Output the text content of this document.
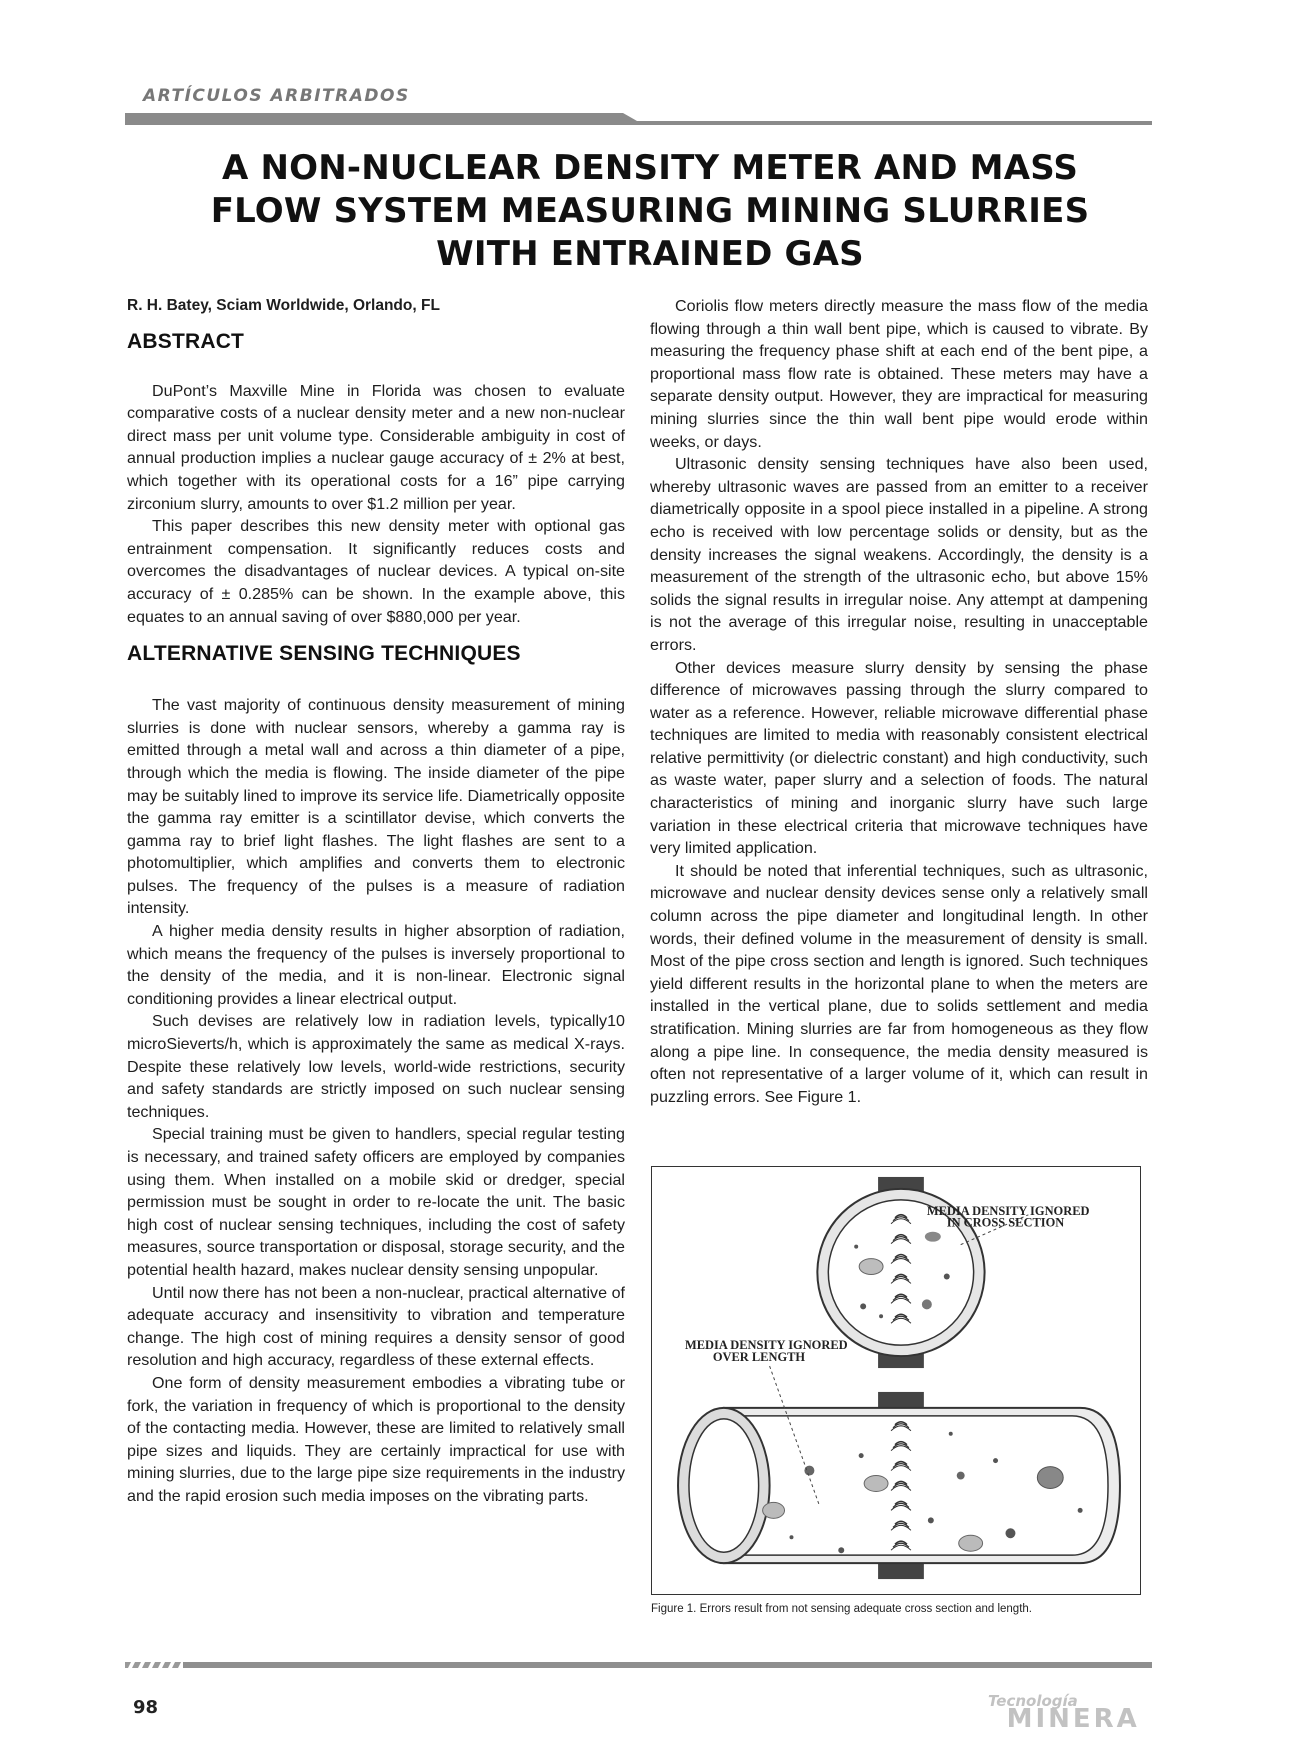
ARTÍCULOS ARBITRADOS
A NON-NUCLEAR DENSITY METER AND MASS FLOW SYSTEM MEASURING MINING SLURRIES WITH ENTRAINED GAS
R. H. Batey, Sciam Worldwide, Orlando, FL
ABSTRACT

DuPont’s Maxville Mine in Florida was chosen to evaluate comparative costs of a nuclear density meter and a new non-nuclear direct mass per unit volume type. Considerable ambiguity in cost of annual production implies a nuclear gauge accuracy of ± 2% at best, which together with its operational costs for a 16” pipe carrying zirconium slurry, amounts to over $1.2 million per year.

This paper describes this new density meter with optional gas entrainment compensation. It significantly reduces costs and overcomes the disadvantages of nuclear devices. A typical on-site accuracy of ± 0.285% can be shown. In the example above, this equates to an annual saving of over $880,000 per year.

ALTERNATIVE SENSING TECHNIQUES

The vast majority of continuous density measurement of mining slurries is done with nuclear sensors, whereby a gamma ray is emitted through a metal wall and across a thin diameter of a pipe, through which the media is flowing. The inside diameter of the pipe may be suitably lined to improve its service life. Diametrically opposite the gamma ray emitter is a scintillator devise, which converts the gamma ray to brief light flashes. The light flashes are sent to a photomultiplier, which amplifies and converts them to electronic pulses. The frequency of the pulses is a measure of radiation intensity.

A higher media density results in higher absorption of radiation, which means the frequency of the pulses is inversely proportional to the density of the media, and it is non-linear. Electronic signal conditioning provides a linear electrical output.

Such devises are relatively low in radiation levels, typically10 microSieverts/h, which is approximately the same as medical X-rays. Despite these relatively low levels, world-wide restrictions, security and safety standards are strictly imposed on such nuclear sensing techniques.

Special training must be given to handlers, special regular testing is necessary, and trained safety officers are employed by companies using them. When installed on a mobile skid or dredger, special permission must be sought in order to re-locate the unit. The basic high cost of nuclear sensing techniques, including the cost of safety measures, source transportation or disposal, storage security, and the potential health hazard, makes nuclear density sensing unpopular.

Until now there has not been a non-nuclear, practical alternative of adequate accuracy and insensitivity to vibration and temperature change. The high cost of mining requires a density sensor of good resolution and high accuracy, regardless of these external effects.

One form of density measurement embodies a vibrating tube or fork, the variation in frequency of which is proportional to the density of the contacting media. However, these are limited to relatively small pipe sizes and liquids. They are certainly impractical for use with mining slurries, due to the large pipe size requirements in the industry and the rapid erosion such media imposes on the vibrating parts.

Coriolis flow meters directly measure the mass flow of the media flowing through a thin wall bent pipe, which is caused to vibrate. By measuring the frequency phase shift at each end of the bent pipe, a proportional mass flow rate is obtained. These meters may have a separate density output. However, they are impractical for measuring mining slurries since the thin wall bent pipe would erode within weeks, or days.

Ultrasonic density sensing techniques have also been used, whereby ultrasonic waves are passed from an emitter to a receiver diametrically opposite in a spool piece installed in a pipeline. A strong echo is received with low percentage solids or density, but as the density increases the signal weakens. Accordingly, the density is a measurement of the strength of the ultrasonic echo, but above 15% solids the signal results in irregular noise. Any attempt at dampening is not the average of this irregular noise, resulting in unacceptable errors.

Other devices measure slurry density by sensing the phase difference of microwaves passing through the slurry compared to water as a reference. However, reliable microwave differential phase techniques are limited to media with reasonably consistent electrical relative permittivity (or dielectric constant) and high conductivity, such as waste water, paper slurry and a selection of foods. The natural characteristics of mining and inorganic slurry have such large variation in these electrical criteria that microwave techniques have very limited application.

It should be noted that inferential techniques, such as ultrasonic, microwave and nuclear density devices sense only a relatively small column across the pipe diameter and longitudinal length. In other words, their defined volume in the measurement of density is small. Most of the pipe cross section and length is ignored. Such techniques yield different results in the horizontal plane to when the meters are installed in the vertical plane, due to solids settlement and media stratification. Mining slurries are far from homogeneous as they flow along a pipe line. In consequence, the media density measured is often not representative of a larger volume of it, which can result in puzzling errors. See Figure 1.

MEDIA DENSITY IGNORED
IN CROSS SECTION
MEDIA DENSITY IGNORED
OVER LENGTH
Figure 1. Errors result from not sensing adequate cross section and length.
98	Tecnología
MINERA
